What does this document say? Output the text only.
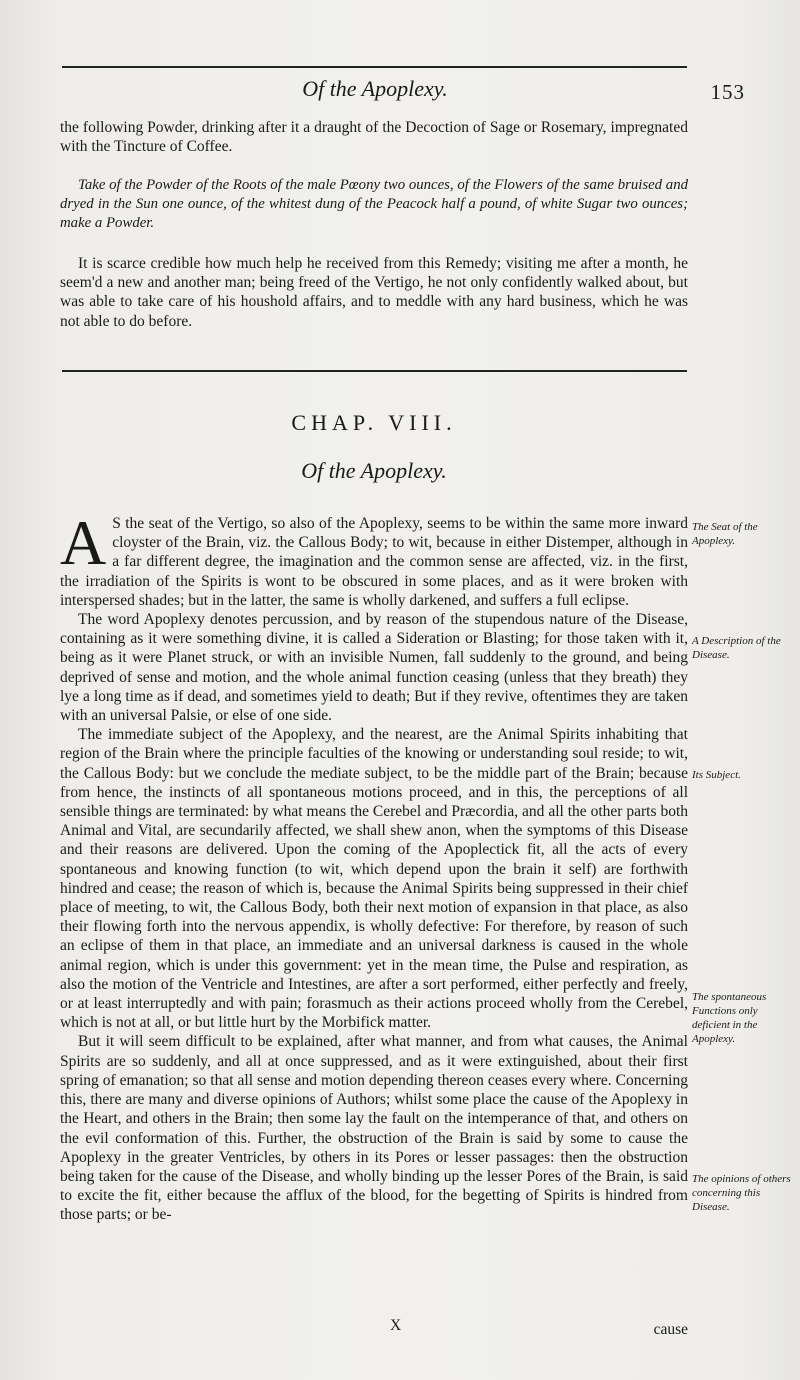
Of the Apoplexy.	153

the following Powder, drinking after it a draught of the Decoction of Sage or Rosemary, impregnated with the Tincture of Coffee.

Take of the Powder of the Roots of the male Pœony two ounces, of the Flowers of the same bruised and dryed in the Sun one ounce, of the whitest dung of the Peacock half a pound, of white Sugar two ounces; make a Powder.

It is scarce credible how much help he received from this Remedy; visiting me after a month, he seem'd a new and another man; being freed of the Vertigo, he not only confidently walked about, but was able to take care of his houshold affairs, and to meddle with any hard business, which he was not able to do before.

CHAP. VIII.
Of the Apoplexy.

A S the seat of the Vertigo, so also of the Apoplexy, seems to be within the same more inward cloyster of the Brain, viz. the Callous Body; to wit, because in either Distemper, although in a far different degree, the imagination and the common sense are affected, viz. in the first, the irradiation of the Spirits is wont to be obscured in some places, and as it were broken with interspersed shades; but in the latter, the same is wholly darkened, and suffers a full eclipse.

The word Apoplexy denotes percussion, and by reason of the stupendous nature of the Disease, containing as it were something divine, it is called a Sideration or Blasting; for those taken with it, being as it were Planet struck, or with an invisible Numen, fall suddenly to the ground, and being deprived of sense and motion, and the whole animal function ceasing (unless that they breath) they lye a long time as if dead, and sometimes yield to death; But if they revive, oftentimes they are taken with an universal Palsie, or else of one side.

The immediate subject of the Apoplexy, and the nearest, are the Animal Spirits inhabiting that region of the Brain where the principle faculties of the knowing or understanding soul reside; to wit, the Callous Body: but we conclude the mediate subject, to be the middle part of the Brain; because from hence, the instincts of all spontaneous motions proceed, and in this, the perceptions of all sensible things are terminated: by what means the Cerebel and Præcordia, and all the other parts both Animal and Vital, are secundarily affected, we shall shew anon, when the symptoms of this Disease and their reasons are delivered. Upon the coming of the Apoplectick fit, all the acts of every spontaneous and knowing function (to wit, which depend upon the brain it self) are forthwith hindred and cease; the reason of which is, because the Animal Spirits being suppressed in their chief place of meeting, to wit, the Callous Body, both their next motion of expansion in that place, as also their flowing forth into the nervous appendix, is wholly defective: For therefore, by reason of such an eclipse of them in that place, an immediate and an universal darkness is caused in the whole animal region, which is under this government: yet in the mean time, the Pulse and respiration, as also the motion of the Ventricle and Intestines, are after a sort performed, either perfectly and freely, or at least interruptedly and with pain; forasmuch as their actions proceed wholly from the Cerebel, which is not at all, or but little hurt by the Morbifick matter.

But it will seem difficult to be explained, after what manner, and from what causes, the Animal Spirits are so suddenly, and all at once suppressed, and as it were extinguished, about their first spring of emanation; so that all sense and motion depending thereon ceases every where. Concerning this, there are many and diverse opinions of Authors; whilst some place the cause of the Apoplexy in the Heart, and others in the Brain; then some lay the fault on the intemperance of that, and others on the evil conformation of this. Further, the obstruction of the Brain is said by some to cause the Apoplexy in the greater Ventricles, by others in its Pores or lesser passages: then the obstruction being taken for the cause of the Disease, and wholly binding up the lesser Pores of the Brain, is said to excite the fit, either because the afflux of the blood, for the begetting of Spirits is hindred from those parts; or be-

The Seat of the Apoplexy.
A Description of the Disease.
Its Subject.
The spontaneous Functions only deficient in the Apoplexy.
The opinions of others concerning this Disease.
X	cause
